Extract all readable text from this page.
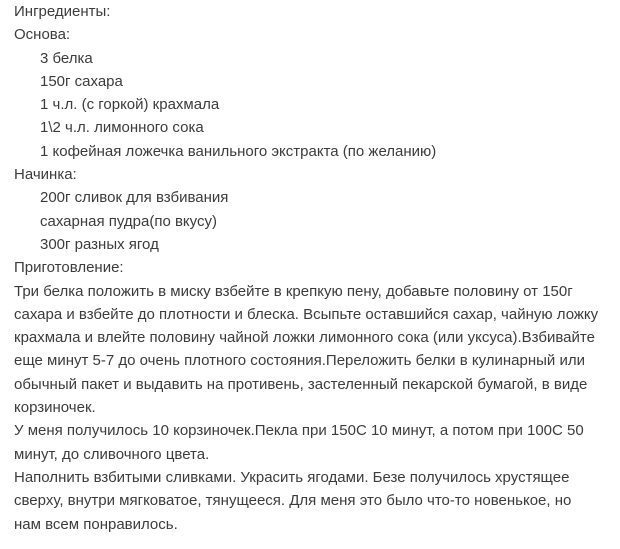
Ингредиенты:
Основа:
3 белка
150г сахара
1 ч.л. (с горкой) крахмала
1\2 ч.л. лимонного сока
1 кофейная ложечка ванильного экстракта (по желанию)
Начинка:
200г сливок для взбивания
сахарная пудра(по вкусу)
300г разных ягод
Приготовление:
Три белка положить в миску взбейте в крепкую пену, добавьте половину от 150г
сахара и взбейте до плотности и блеска. Всыпьте оставшийся сахар, чайную ложку
крахмала и влейте половину чайной ложки лимонного сока (или уксуса).Взбивайте
еще минут 5-7 до очень плотного состояния.Переложить белки в кулинарный или
обычный пакет и выдавить на противень, застеленный пекарской бумагой, в виде
корзиночек.
У меня получилось 10 корзиночек.Пекла при 150С 10 минут, а потом при 100С 50
минут, до сливочного цвета.
Наполнить взбитыми сливками. Украсить ягодами. Безе получилось хрустящее
сверху, внутри мягковатое, тянущееся. Для меня это было что-то новенькое, но
нам всем понравилось.
